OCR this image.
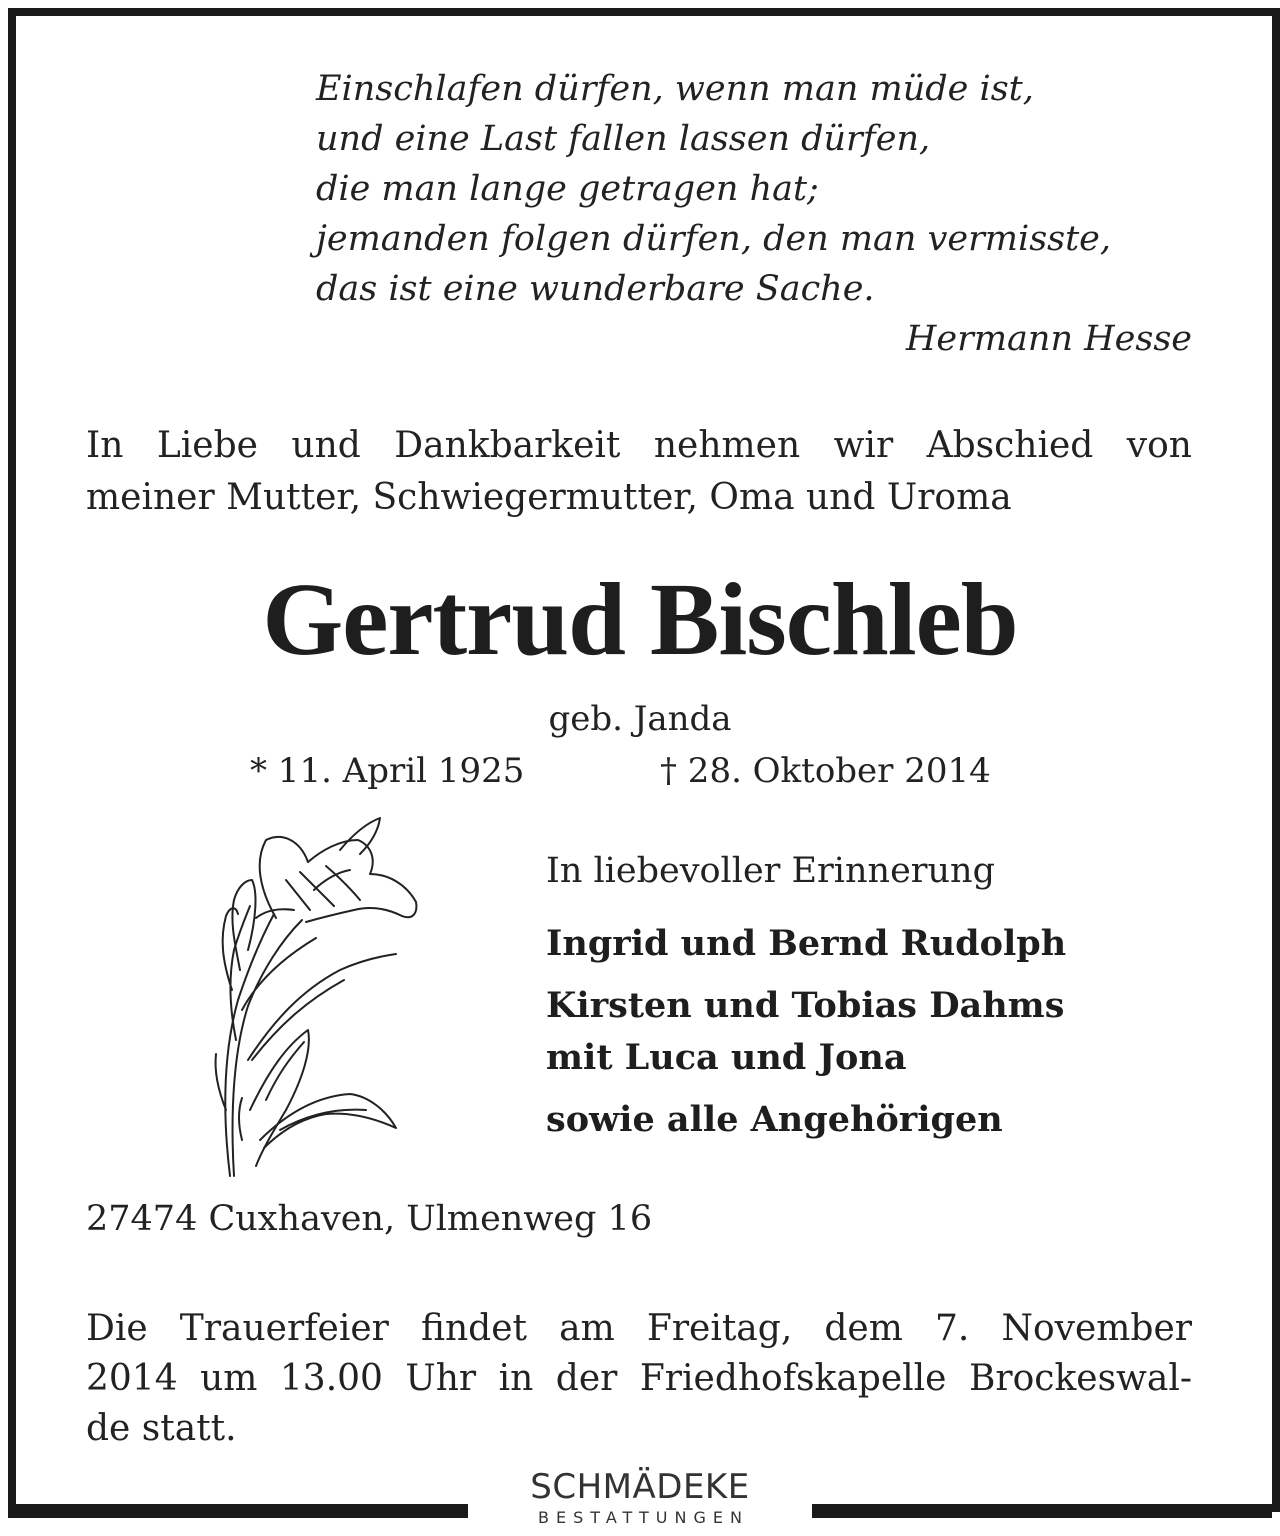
Einschlafen dürfen, wenn man müde ist,
und eine Last fallen lassen dürfen,
die man lange getragen hat;
jemanden folgen dürfen, den man vermisste,
das ist eine wunderbare Sache.
Hermann Hesse
In Liebe und Dankbarkeit nehmen wir Abschied von
meiner Mutter, Schwiegermutter, Oma und Uroma
Gertrud Bischleb
geb. Janda
* 11. April 1925	† 28. Oktober 2014
In liebevoller Erinnerung
Ingrid und Bernd Rudolph
Kirsten und Tobias Dahms
mit Luca und Jona
sowie alle Angehörigen
27474 Cuxhaven, Ulmenweg 16
Die Trauerfeier findet am Freitag, dem 7. November
2014 um 13.00 Uhr in der Friedhofskapelle Brockeswal-
de statt.
SCHMÄDEKE
BESTATTUNGEN
